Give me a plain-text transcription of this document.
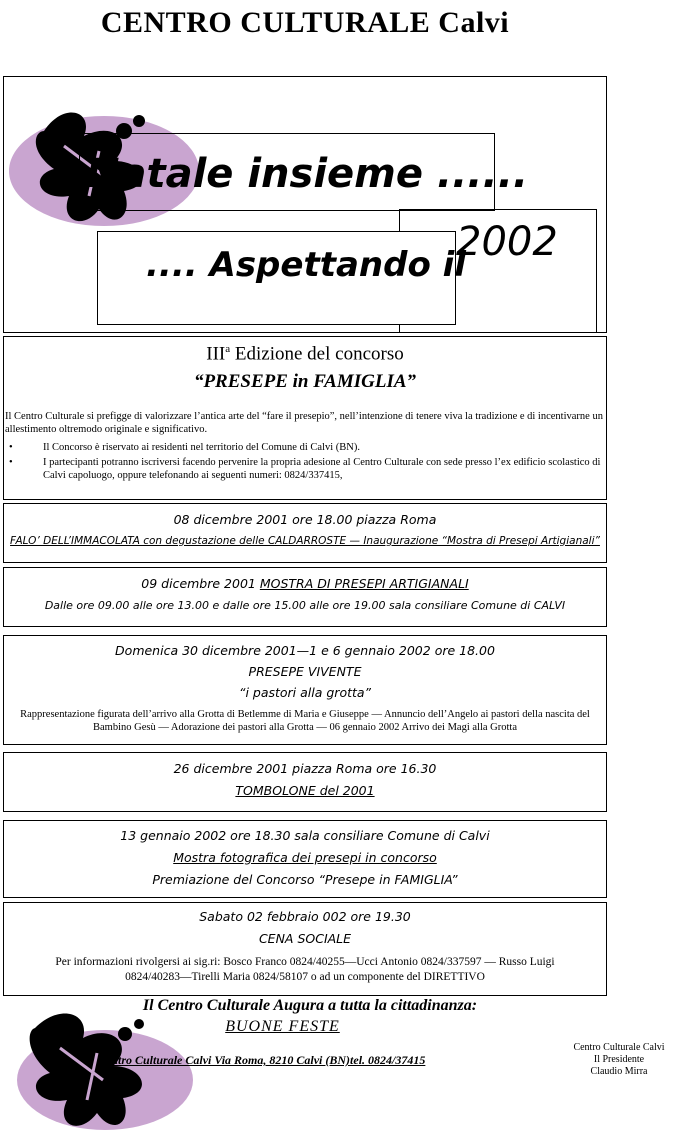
CENTRO CULTURALE Calvi
Natale insieme ......
2002
.... Aspettando il
III$^a$ Edizione del concorso
“PRESEPE in FAMIGLIA”
Il Centro Culturale si prefigge di valorizzare l’antica arte del “fare il presepio”, nell’intenzione di tenere viva la tradizione e di incentivarne un allestimento oltremodo originale e significativo.
• Il Concorso è riservato ai residenti nel territorio del Comune di Calvi (BN).
• I partecipanti potranno iscriversi facendo pervenire la propria adesione al Centro Culturale con sede presso l’ex edificio scolastico di Calvi capoluogo, oppure telefonando ai seguenti numeri: 0824/337415,
08 dicembre 2001 ore 18.00 piazza Roma
FALO’ DELL’IMMACOLATA con degustazione delle CALDARROSTE — Inaugurazione “Mostra di Presepi Artigianali”
09 dicembre 2001 MOSTRA DI PRESEPI ARTIGIANALI
Dalle ore 09.00 alle ore 13.00 e dalle ore 15.00 alle ore 19.00 sala consiliare Comune di CALVI
Domenica 30 dicembre 2001—1 e 6 gennaio 2002 ore 18.00
PRESEPE VIVENTE
“i pastori alla grotta”
Rappresentazione figurata dell’arrivo alla Grotta di Betlemme di Maria e Giuseppe — Annuncio dell’Angelo ai pastori della nascita del Bambino Gesù — Adorazione dei pastori alla Grotta — 06 gennaio 2002 Arrivo dei Magi alla Grotta
26 dicembre 2001 piazza Roma ore 16.30
TOMBOLONE del 2001
13 gennaio 2002 ore 18.30 sala consiliare Comune di Calvi
Mostra fotografica dei presepi in concorso
Premiazione del Concorso “Presepe in FAMIGLIA”
Sabato 02 febbraio 002 ore 19.30
CENA SOCIALE
Per informazioni rivolgersi ai sig.ri: Bosco Franco 0824/40255—Ucci Antonio 0824/337597 — Russo Luigi 0824/40283—Tirelli Maria 0824/58107 o ad un componente del DIRETTIVO
Il Centro Culturale Augura a tutta la cittadinanza:
BUONE FESTE
Centro Culturale Calvi Via Roma, 8210 Calvi (BN)tel. 0824/37415
Centro Culturale Calvi
Il Presidente
Claudio Mirra
